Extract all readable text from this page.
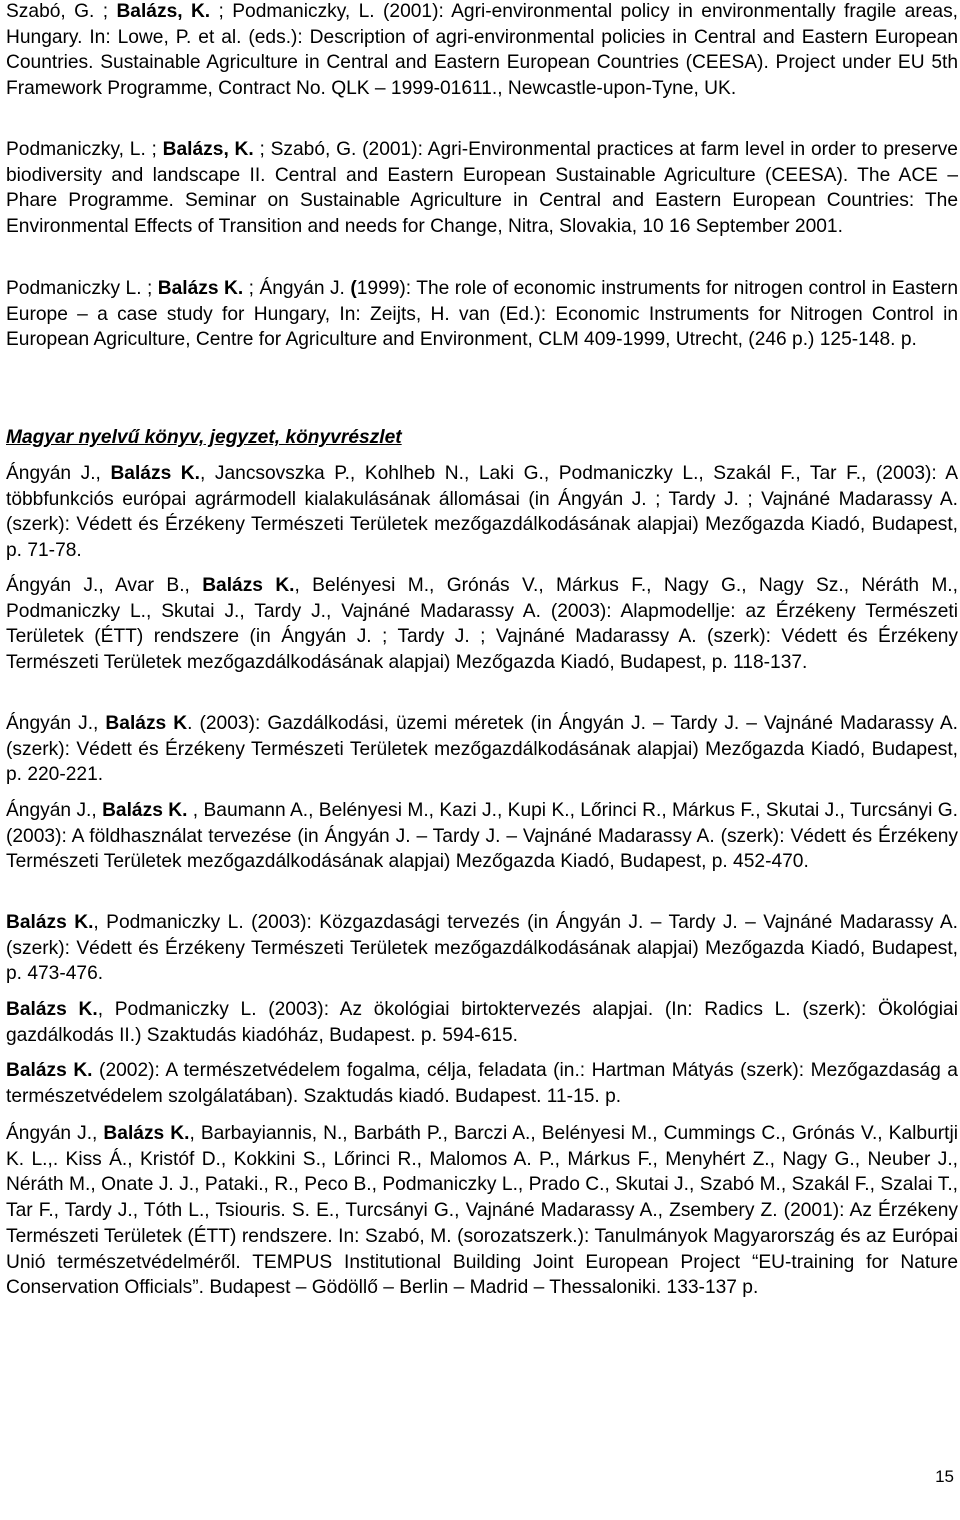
Szabó, G. ; Balázs, K. ; Podmaniczky, L. (2001): Agri-environmental policy in environmentally fragile areas, Hungary. In: Lowe, P. et al. (eds.): Description of agri-environmental policies in Central and Eastern European Countries. Sustainable Agriculture in Central and Eastern European Countries (CEESA). Project under EU 5th Framework Programme, Contract No. QLK – 1999-01611., Newcastle-upon-Tyne, UK.

Podmaniczky, L. ; Balázs, K. ; Szabó, G. (2001): Agri-Environmental practices at farm level in order to preserve biodiversity and landscape II. Central and Eastern European Sustainable Agriculture (CEESA). The ACE – Phare Programme. Seminar on Sustainable Agriculture in Central and Eastern European Countries: The Environmental Effects of Transition and needs for Change, Nitra, Slovakia, 10 16 September 2001.

Podmaniczky L. ; Balázs K. ; Ángyán J. (1999): The role of economic instruments for nitrogen control in Eastern Europe – a case study for Hungary, In: Zeijts, H. van (Ed.): Economic Instruments for Nitrogen Control in European Agriculture, Centre for Agriculture and Environment, CLM 409-1999, Utrecht, (246 p.) 125-148. p.

Magyar nyelvű könyv, jegyzet, könyvrészlet

Ángyán J., Balázs K., Jancsovszka P., Kohlheb N., Laki G., Podmaniczky L., Szakál F., Tar F., (2003): A többfunkciós európai agrármodell kialakulásának állomásai (in Ángyán J. ; Tardy J. ; Vajnáné Madarassy A. (szerk): Védett és Érzékeny Természeti Területek mezőgazdálkodásának alapjai) Mezőgazda Kiadó, Budapest, p. 71-78.

Ángyán J., Avar B., Balázs K., Belényesi M., Grónás V., Márkus F., Nagy G., Nagy Sz., Néráth M., Podmaniczky L., Skutai J., Tardy J., Vajnáné Madarassy A. (2003): Alapmodellje: az Érzékeny Természeti Területek (ÉTT) rendszere (in Ángyán J. ; Tardy J. ; Vajnáné Madarassy A. (szerk): Védett és Érzékeny Természeti Területek mezőgazdálkodásának alapjai) Mezőgazda Kiadó, Budapest, p. 118-137.

Ángyán J., Balázs K. (2003): Gazdálkodási, üzemi méretek (in Ángyán J. – Tardy J. – Vajnáné Madarassy A. (szerk): Védett és Érzékeny Természeti Területek mezőgazdálkodásának alapjai) Mezőgazda Kiadó, Budapest, p. 220-221.

Ángyán J., Balázs K. , Baumann A., Belényesi M., Kazi J., Kupi K., Lőrinci R., Márkus F., Skutai J., Turcsányi G. (2003): A földhasználat tervezése (in Ángyán J. – Tardy J. – Vajnáné Madarassy A. (szerk): Védett és Érzékeny Természeti Területek mezőgazdálkodásának alapjai) Mezőgazda Kiadó, Budapest, p. 452-470.

Balázs K., Podmaniczky L. (2003): Közgazdasági tervezés (in Ángyán J. – Tardy J. – Vajnáné Madarassy A. (szerk): Védett és Érzékeny Természeti Területek mezőgazdálkodásának alapjai) Mezőgazda Kiadó, Budapest, p. 473-476.

Balázs K., Podmaniczky L. (2003): Az ökológiai birtoktervezés alapjai. (In: Radics L. (szerk): Ökológiai gazdálkodás II.) Szaktudás kiadóház, Budapest. p. 594-615.

Balázs K. (2002): A természetvédelem fogalma, célja, feladata (in.: Hartman Mátyás (szerk): Mezőgazdaság a természetvédelem szolgálatában). Szaktudás kiadó. Budapest. 11-15. p.

Ángyán J., Balázs K., Barbayiannis, N., Barbáth P., Barczi A., Belényesi M., Cummings C., Grónás V., Kalburtji K. L.,. Kiss Á., Kristóf D., Kokkini S., Lőrinci R., Malomos A. P., Márkus F., Menyhért Z., Nagy G., Neuber J., Néráth M., Onate J. J., Pataki., R., Peco B., Podmaniczky L., Prado C., Skutai J., Szabó M., Szakál F., Szalai T., Tar F., Tardy J., Tóth L., Tsiouris. S. E., Turcsányi G., Vajnáné Madarassy A., Zsembery Z. (2001): Az Érzékeny Természeti Területek (ÉTT) rendszere. In: Szabó, M. (sorozatszerk.): Tanulmányok Magyarország és az Európai Unió természetvédelméről. TEMPUS Institutional Building Joint European Project “EU-training for Nature Conservation Officials”. Budapest – Gödöllő – Berlin – Madrid – Thessaloniki. 133-137 p.

15
